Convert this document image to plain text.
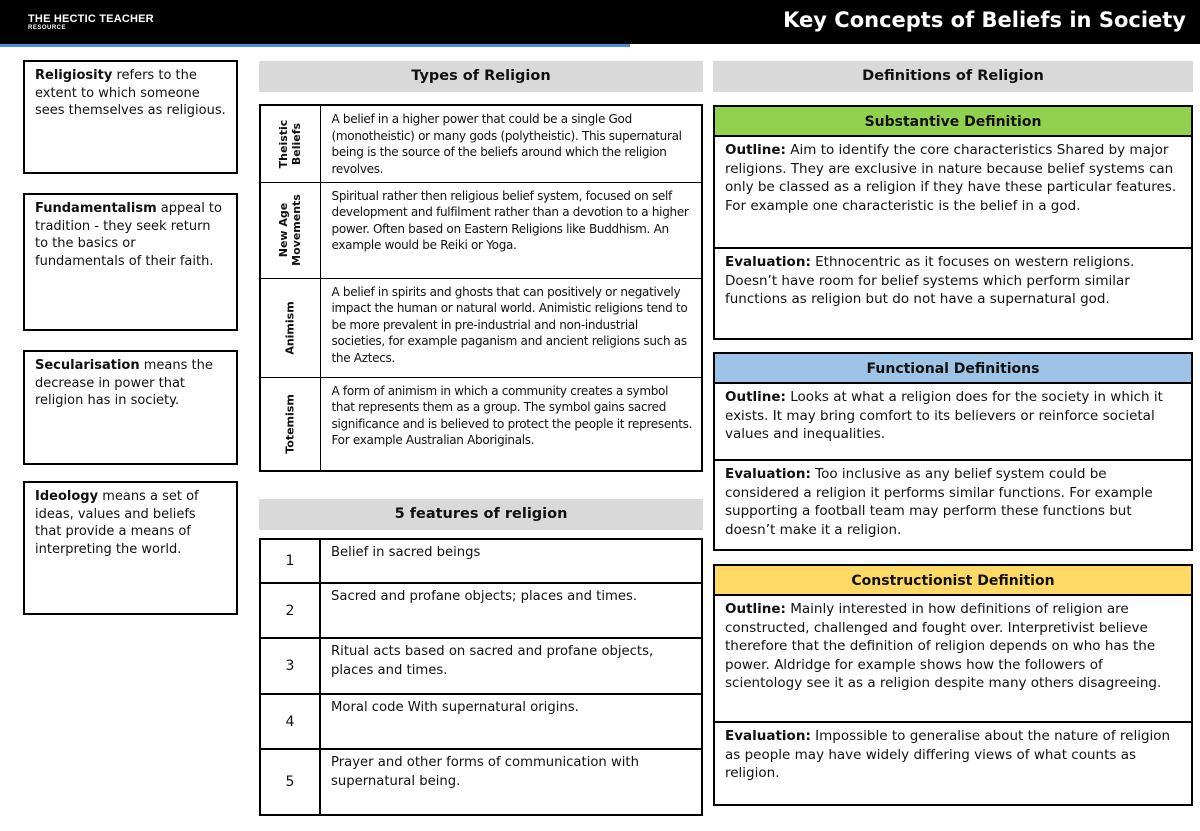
THE HECTIC TEACHER
RESOURCE	Key Concepts of Beliefs in Society
Religiosity refers to the extent to which someone sees themselves as religious.
Fundamentalism appeal to tradition - they seek return to the basics or fundamentals of their faith.
Secularisation means the decrease in power that religion has in society.
Ideology means a set of ideas, values and beliefs that provide a means of interpreting the world.
Types of Religion
Theistic
Beliefs	A belief in a higher power that could be a single God (monotheistic) or many gods (polytheistic). This supernatural being is the source of the beliefs around which the religion revolves.

New Age
Movements	Spiritual rather then religious belief system, focused on self development and fulfilment rather than a devotion to a higher power. Often based on Eastern Religions like Buddhism. An example would be Reiki or Yoga.

Animism	A belief in spirits and ghosts that can positively or negatively impact the human or natural world. Animistic religions tend to be more prevalent in pre-industrial and non-industrial societies, for example paganism and ancient religions such as the Aztecs.

Totemism	A form of animism in which a community creates a symbol that represents them as a group. The symbol gains sacred significance and is believed to protect the people it represents. For example Australian Aboriginals.
5 features of religion
1	Belief in sacred beings
2	Sacred and profane objects; places and times.
3	Ritual acts based on sacred and profane objects, places and times.
4	Moral code With supernatural origins.
5	Prayer and other forms of communication with supernatural being.
Definitions of Religion
Substantive Definition
Outline: Aim to identify the core characteristics Shared by major religions. They are exclusive in nature because belief systems can only be classed as a religion if they have these particular features. For example one characteristic is the belief in a god.
Evaluation: Ethnocentric as it focuses on western religions. Doesn’t have room for belief systems which perform similar functions as religion but do not have a supernatural god.
Functional Definitions
Outline: Looks at what a religion does for the society in which it exists. It may bring comfort to its believers or reinforce societal values and inequalities.
Evaluation: Too inclusive as any belief system could be considered a religion it performs similar functions. For example supporting a football team may perform these functions but doesn’t make it a religion.
Constructionist Definition
Outline: Mainly interested in how definitions of religion are constructed, challenged and fought over. Interpretivist believe therefore that the definition of religion depends on who has the power. Aldridge for example shows how the followers of scientology see it as a religion despite many others disagreeing.
Evaluation: Impossible to generalise about the nature of religion as people may have widely differing views of what counts as religion.
